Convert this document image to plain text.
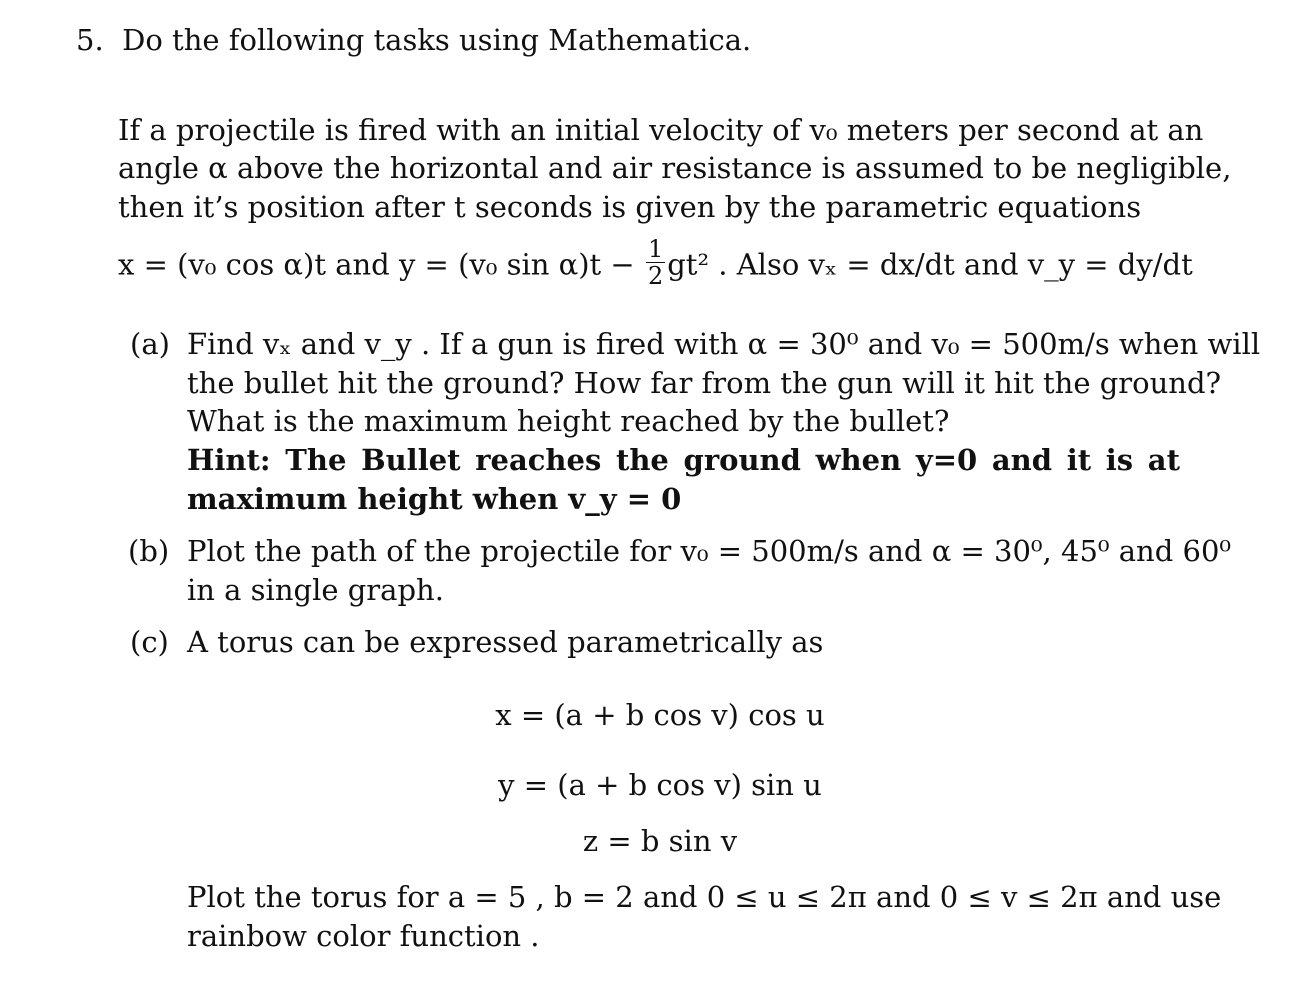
5. Do the following tasks using Mathematica.
If a projectile is fired with an initial velocity of v₀ meters per second at an
angle α above the horizontal and air resistance is assumed to be negligible,
then it’s position after t seconds is given by the parametric equations
x = (v₀ cos α)t and y = (v₀ $\sin \alpha)t - \frac{1}{2} gt^2$ . Also vₓ = dx/dt and v_y = dy/dt
(a) Find vₓ and v_y . If a gun is fired with α = 30⁰ and v₀ = 500m/s when will
the bullet hit the ground? How far from the gun will it hit the ground?
What is the maximum height reached by the bullet?
Hint: The Bullet reaches the ground when y=0 and it is at
maximum height when v_y = 0
(b) Plot the path of the projectile for v₀ = 500m/s and α = 30⁰, 45⁰ and 60⁰
in a single graph.
(c) A torus can be expressed parametrically as
x = (a + b cos v) cos u
y = (a + b cos v) sin u
z = b sin v
Plot the torus for a = 5 , b = 2 and 0 ≤ u ≤ 2π and 0 ≤ v ≤ 2π and use
rainbow color function .
